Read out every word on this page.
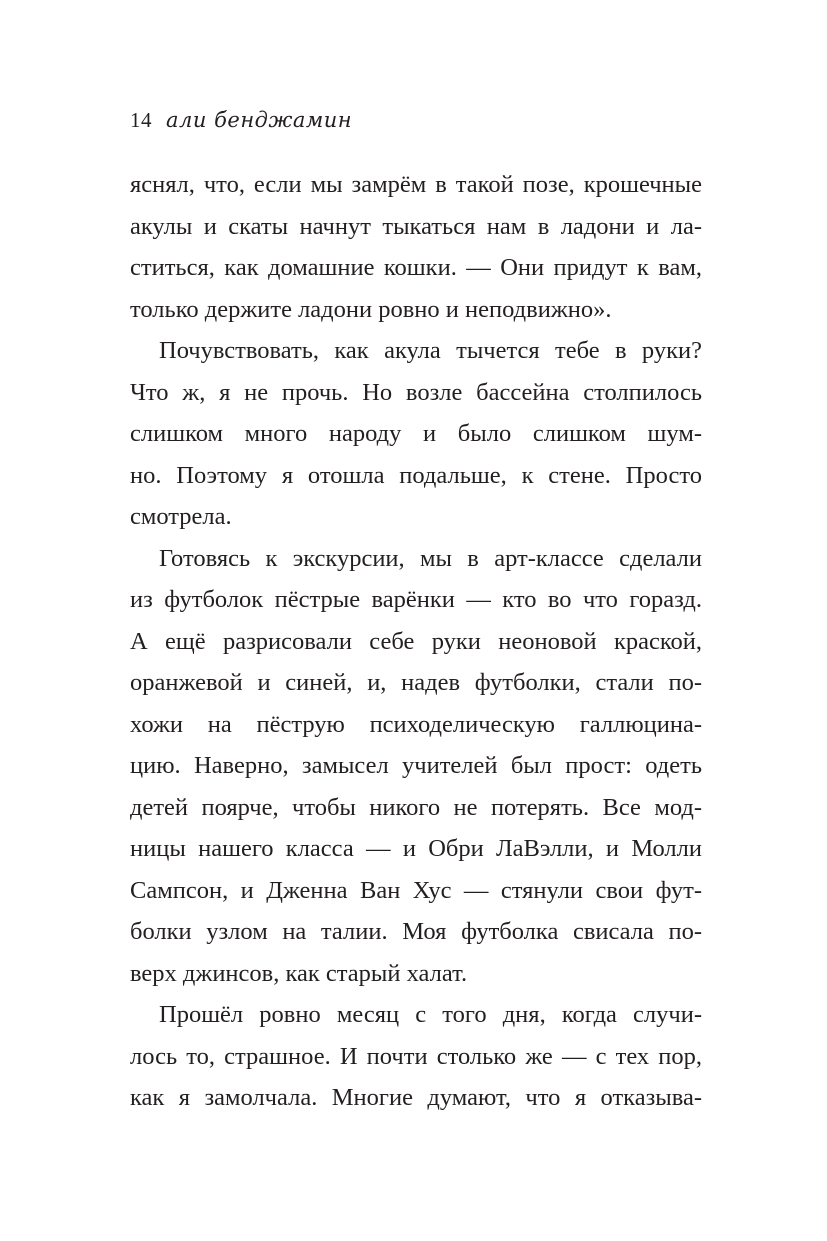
14 али бенджамин
яснял, что, если мы замрём в такой позе, крошечные
акулы и скаты начнут тыкаться нам в ладони и ла-
ститься, как домашние кошки. — Они придут к вам,
только держите ладони ровно и неподвижно».
Почувствовать, как акула тычется тебе в руки?
Что ж, я не прочь. Но возле бассейна столпилось
слишком много народу и было слишком шум-
но. Поэтому я отошла подальше, к стене. Просто
смотрела.
Готовясь к экскурсии, мы в арт-классе сделали
из футболок пёстрые варёнки — кто во что горазд.
А ещё разрисовали себе руки неоновой краской,
оранжевой и синей, и, надев футболки, стали по-
хожи на пёструю психоделическую галлюцина-
цию. Наверно, замысел учителей был прост: одеть
детей поярче, чтобы никого не потерять. Все мод-
ницы нашего класса — и Обри ЛаВэлли, и Молли
Сампсон, и Дженна Ван Хус — стянули свои фут-
болки узлом на талии. Моя футболка свисала по-
верх джинсов, как старый халат.
Прошёл ровно месяц с того дня, когда случи-
лось то, страшное. И почти столько же — с тех пор,
как я замолчала. Многие думают, что я отказыва-
